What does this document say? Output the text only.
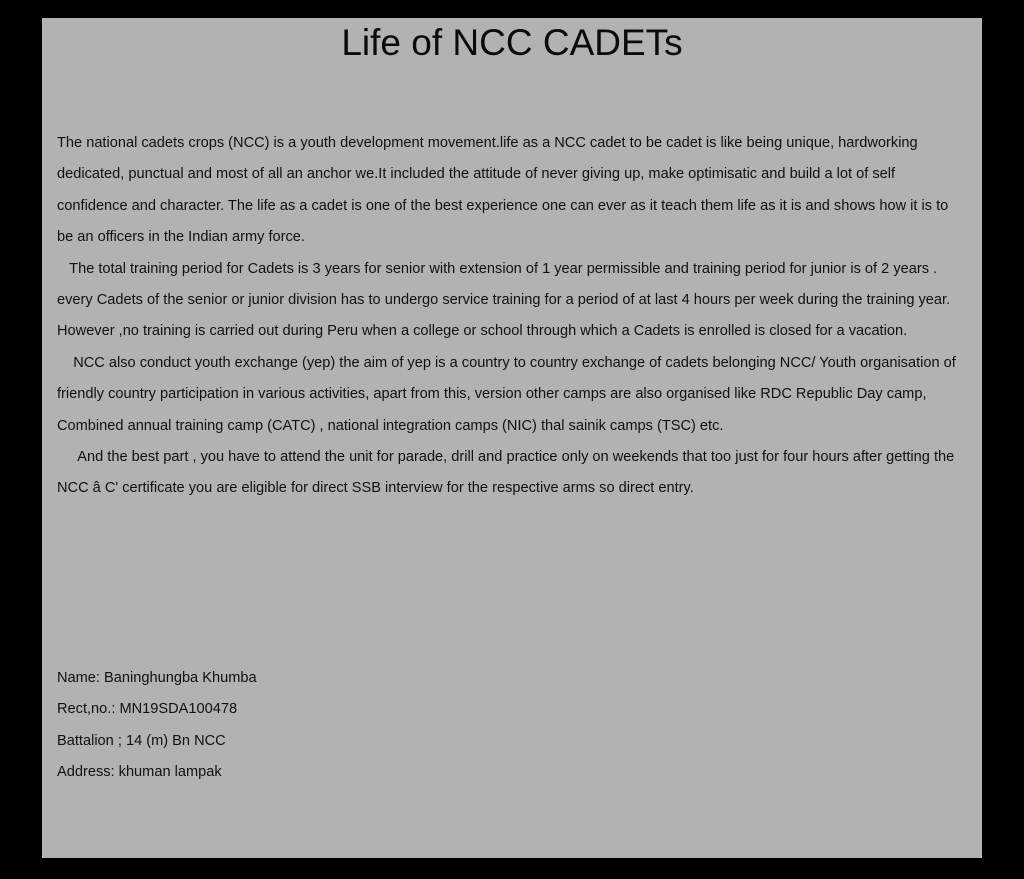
Life of NCC CADETs

The national cadets crops (NCC) is a youth development movement.life as a NCC cadet to be cadet is like being unique, hardworking dedicated, punctual and most of all an anchor we.It included the attitude of never giving up, make optimisatic and build a lot of self confidence and character. The life as a cadet is one of the best experience one can ever as it teach them life as it is and shows how it is to be an officers in the Indian army force.

The total training period for Cadets is 3 years for senior with extension of 1 year permissible and training period for junior is of 2 years . every Cadets of the senior or junior division has to undergo service training for a period of at last 4 hours per week during the training year. However ,no training is carried out during Peru when a college or school through which a Cadets is enrolled is closed for a vacation.

NCC also conduct youth exchange (yep) the aim of yep is a country to country exchange of cadets belonging NCC/ Youth organisation of friendly country participation in various activities, apart from this, version other camps are also organised like RDC Republic Day camp, Combined annual training camp (CATC) , national integration camps (NIC) thal sainik camps (TSC) etc.

And the best part , you have to attend the unit for parade, drill and practice only on weekends that too just for four hours after getting the NCC â C' certificate you are eligible for direct SSB interview for the respective arms so direct entry.

Name: Baninghungba Khumba
Rect,no.: MN19SDA100478
Battalion ; 14 (m) Bn NCC
Address: khuman lampak
